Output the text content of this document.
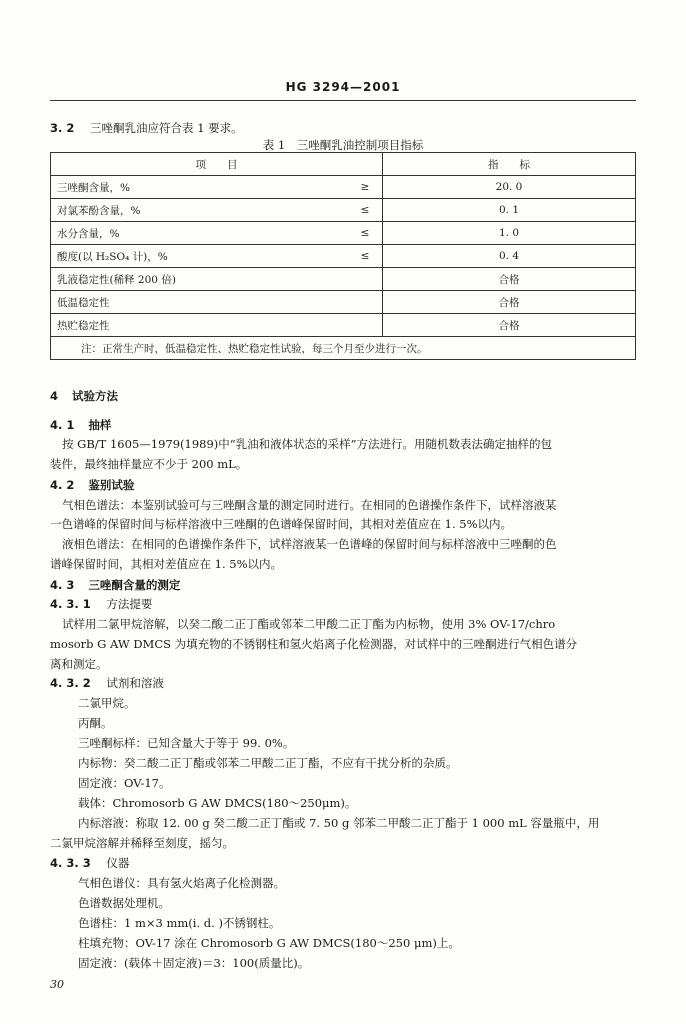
HG 3294—2001
3. 2 三唑酮乳油应符合表 1 要求。
表 1　三唑酮乳油控制项目指标
项　　目		指　　标
三唑酮含量，%	≥	20. 0
对氯苯酚含量，%	≤	0. 1
水分含量，%	≤	1. 0
酸度(以 H₂SO₄ 计)，%	≤	0. 4
乳液稳定性(稀释 200 倍)		合格
低温稳定性		合格
热贮稳定性		合格
注：正常生产时，低温稳定性、热贮稳定性试验，每三个月至少进行一次。		
4 试验方法
4. 1 抽样
按 GB/T 1605—1979(1989)中“乳油和液体状态的采样”方法进行。用随机数表法确定抽样的包
装件，最终抽样量应不少于 200 mL。
4. 2 鉴别试验
气相色谱法：本鉴别试验可与三唑酮含量的测定同时进行。在相同的色谱操作条件下，试样溶液某
一色谱峰的保留时间与标样溶液中三唑酮的色谱峰保留时间，其相对差值应在 1. 5%以内。
液相色谱法：在相同的色谱操作条件下，试样溶液某一色谱峰的保留时间与标样溶液中三唑酮的色
谱峰保留时间，其相对差值应在 1. 5%以内。
4. 3 三唑酮含量的测定
4. 3. 1 方法提要
试样用二氯甲烷溶解，以癸二酸二正丁酯或邻苯二甲酸二正丁酯为内标物，使用 3% OV-17/chro
mosorb G AW DMCS 为填充物的不锈钢柱和氢火焰离子化检测器，对试样中的三唑酮进行气相色谱分
离和测定。
4. 3. 2 试剂和溶液
二氯甲烷。
丙酮。
三唑酮标样：已知含量大于等于 99. 0%。
内标物：癸二酸二正丁酯或邻苯二甲酸二正丁酯，不应有干扰分析的杂质。
固定液：OV-17。
载体：Chromosorb G AW DMCS(180～250μm)。
内标溶液：称取 12. 00 g 癸二酸二正丁酯或 7. 50 g 邻苯二甲酸二正丁酯于 1 000 mL 容量瓶中，用
二氯甲烷溶解并稀释至刻度，摇匀。
4. 3. 3 仪器
气相色谱仪：具有氢火焰离子化检测器。
色谱数据处理机。
色谱柱：1 m×3 mm(i. d. )不锈钢柱。
柱填充物：OV-17 涂在 Chromosorb G AW DMCS(180～250 μm)上。
固定液：(载体＋固定液)＝3：100(质量比)。
30
